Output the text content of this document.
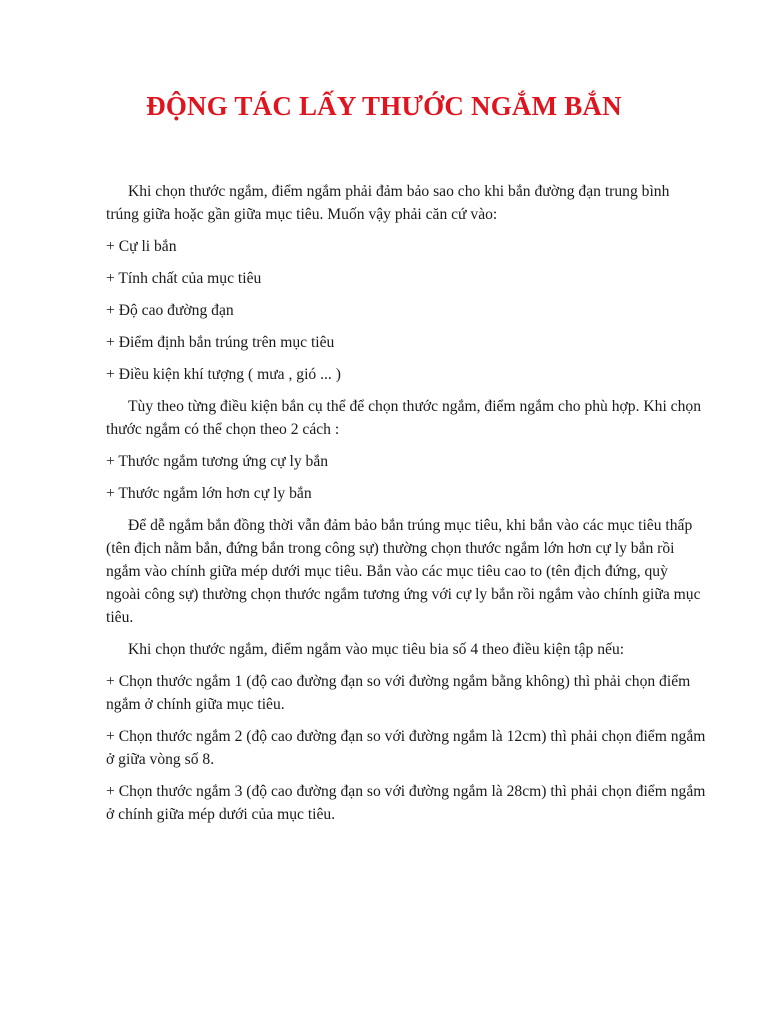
ĐỘNG TÁC LẤY THƯỚC NGẮM BẮN

Khi chọn thước ngắm, điểm ngắm phải đảm bảo sao cho khi bắn đường đạn trung bình trúng giữa hoặc gần giữa mục tiêu. Muốn vậy phải căn cứ vào:

+ Cự li bắn

+ Tính chất của mục tiêu

+ Độ cao đường đạn

+ Điểm định bắn trúng trên mục tiêu

+ Điều kiện khí tượng ( mưa , gió ... )

Tùy theo từng điều kiện bắn cụ thể để chọn thước ngắm, điểm ngắm cho phù hợp. Khi chọn thước ngắm có thể chọn theo 2 cách :

+ Thước ngắm tương ứng cự ly bắn

+ Thước ngắm lớn hơn cự ly bắn

Để dễ ngắm bắn đồng thời vẫn đảm bảo bắn trúng mục tiêu, khi bắn vào các mục tiêu thấp (tên địch nằm bắn, đứng bắn trong công sự) thường chọn thước ngắm lớn hơn cự ly bắn rồi ngắm vào chính giữa mép dưới mục tiêu. Bắn vào các mục tiêu cao to (tên địch đứng, quỳ ngoài công sự) thường chọn thước ngắm tương ứng với cự ly bắn rồi ngắm vào chính giữa mục tiêu.

Khi chọn thước ngắm, điểm ngắm vào mục tiêu bia số 4 theo điều kiện tập nếu:

+ Chọn thước ngắm 1 (độ cao đường đạn so với đường ngắm bằng không) thì phải chọn điểm ngắm ở chính giữa mục tiêu.

+ Chọn thước ngắm 2 (độ cao đường đạn so với đường ngắm là 12cm) thì phải chọn điểm ngắm ở giữa vòng số 8.

+ Chọn thước ngắm 3 (độ cao đường đạn so với đường ngắm là 28cm) thì phải chọn điểm ngắm ở chính giữa mép dưới của mục tiêu.
